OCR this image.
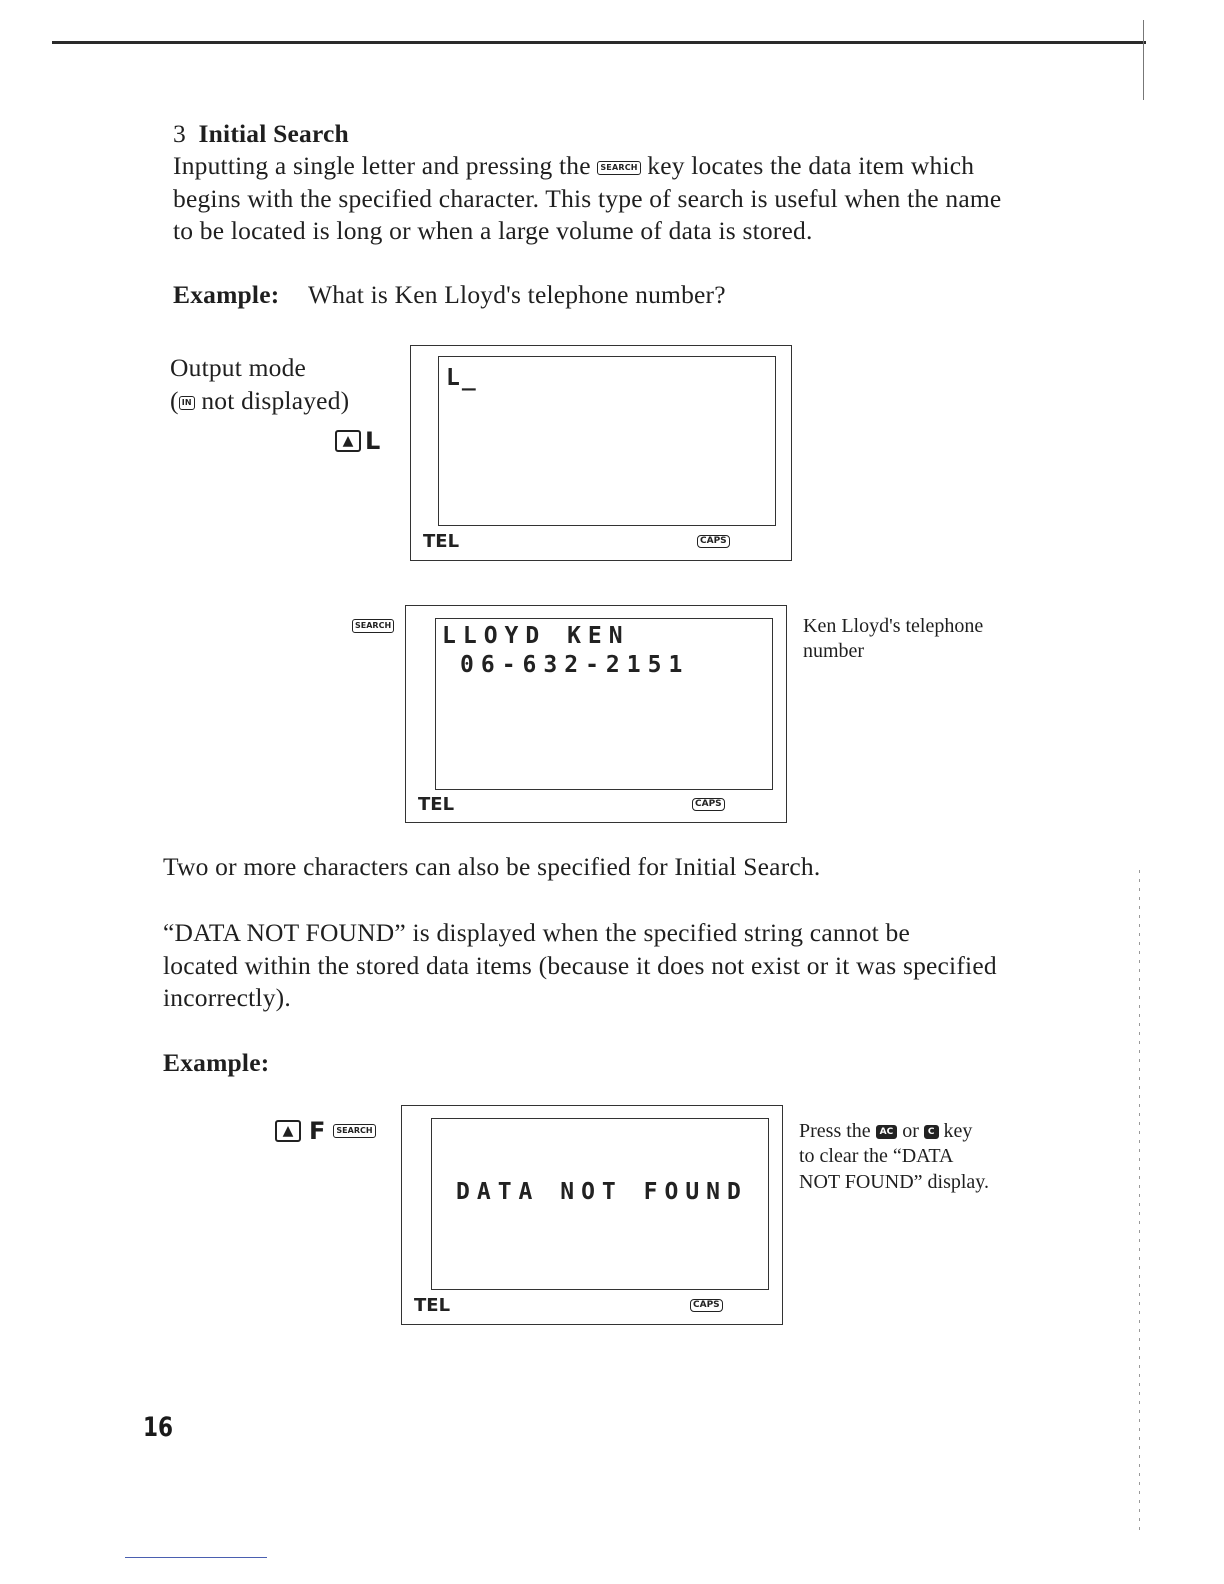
3 Initial Search
Inputting a single letter and pressing the SEARCH key locates the data item which
begins with the specified character. This type of search is useful when the name
to be located is long or when a large volume of data is stored.
Example: What is Ken Lloyd's telephone number?
Output mode
( IN not displayed)
▲ L
L_
TEL	CAPS
SEARCH LLOYD KEN
06-632-2151
TEL	CAPS
Ken Lloyd's telephone
number
Two or more characters can also be specified for Initial Search.
“DATA NOT FOUND” is displayed when the specified string cannot be
located within the stored data items (because it does not exist or it was specified
incorrectly).
Example:
▲ F SEARCH
DATA NOT FOUND
TEL	CAPS
Press the AC or C key
to clear the “DATA
NOT FOUND” display.
16
